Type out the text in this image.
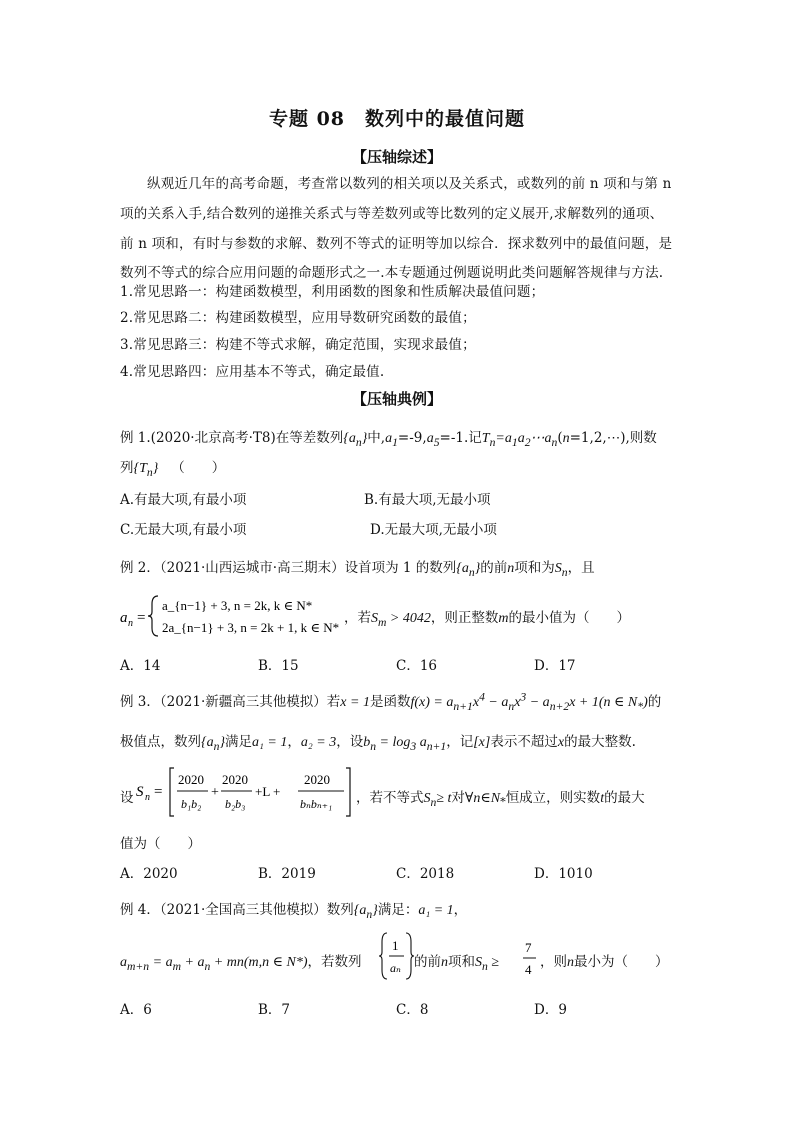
专题 08　数列中的最值问题
【压轴综述】
纵观近几年的高考命题，考查常以数列的相关项以及关系式，或数列的前 n 项和与第 n
项的关系入手,结合数列的递推关系式与等差数列或等比数列的定义展开,求解数列的通项、
前 n 项和，有时与参数的求解、数列不等式的证明等加以综合．探求数列中的最值问题，是
数列不等式的综合应用问题的命题形式之一.本专题通过例题说明此类问题解答规律与方法.
1.常见思路一：构建函数模型，利用函数的图象和性质解决最值问题；
2.常见思路二：构建函数模型，应用导数研究函数的最值；
3.常见思路三：构建不等式求解，确定范围，实现求最值；
4.常见思路四：应用基本不等式，确定最值.
【压轴典例】
例 1.(2020·北京高考·T8)在等差数列$\{a_n\}$中$,a_1=-9,a_5=-1$.记$T_n=a_1a_2\cdots a_n(n=1,2,\cdots)$,则数
列$\{T_n\}$ （　　）
A.有最大项,有最小项	B.有最大项,无最小项
C.无最大项,有最小项	D.无最大项,无最小项
例 2．（2021·山西运城市·高三期末）设首项为 1 的数列$\{a_n\}$的前n项和为$S_n$，且
a n =
a_{n−1} + 3, n = 2k, k ∈ N*
2a_{n−1} + 3, n = 2k + 1, k ∈ N*
，若$S_m > 4042$，则正整数m的最小值为（　　）
A．14	B．15	C．16	D．17
例 3．（2021·新疆高三其他模拟）若x = 1是函数$f(x) = a_{n+1}x^4 - a_nx^3 - a_{n+2}x + 1(n$ ∈ $N_*$)的
极值点，数列$\{a_n\}$满足a₁ = 1，a₂ = 3，设$b_n = \log_3 a_{n+1}$，记[x]表示不超过x的最大整数.
设 S n =
2020
b₁b₂
+
2020
b₂b₃
+L +
2020
bₙbₙ₊₁ ，若不等式$S_n\ge t$对$\forall n\in N_*$恒成立，则实数t的最大
值为（　　）
A．2020	B．2019	C．2018	D．1010
例 4．（2021·全国高三其他模拟）数列$\{a_n\}$满足：a₁ = 1，
$a_{m+n} = a_m + a_n + mn(m,n$ ∈ N*)，若数列
1
aₙ 的前n项和$S_n$ ≥
7
4 ，则n最小为（　　）
A．6	B．7	C．8	D．9
